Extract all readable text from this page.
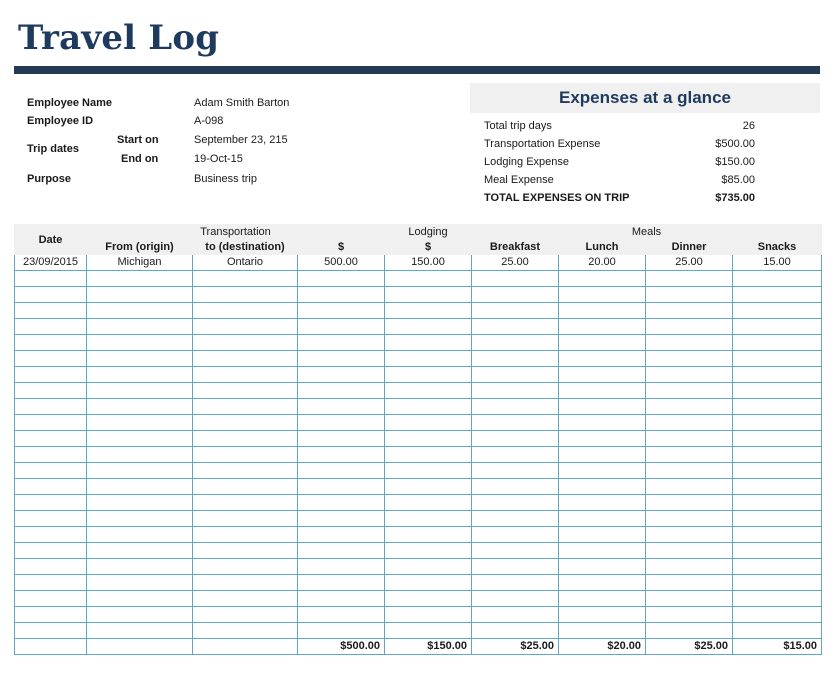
Travel Log
Employee Name	Adam Smith Barton
Employee ID	A-098
Trip dates
Start on	September 23, 215
End on	19-Oct-15
Purpose	Business trip
Expenses at a glance
Total trip days	26
Transportation Expense	$500.00
Lodging Expense	$150.00
Meal Expense	$85.00
TOTAL EXPENSES ON TRIP	$735.00
Date	Transportation			Lodging	Meals			
	From (origin)	to (destination)	$	$	Breakfast	Lunch	Dinner	Snacks
23/09/2015	Michigan	Ontario	500.00	150.00	25.00	20.00	25.00	15.00

			$500.00	$150.00	$25.00	$20.00	$25.00	$15.00
